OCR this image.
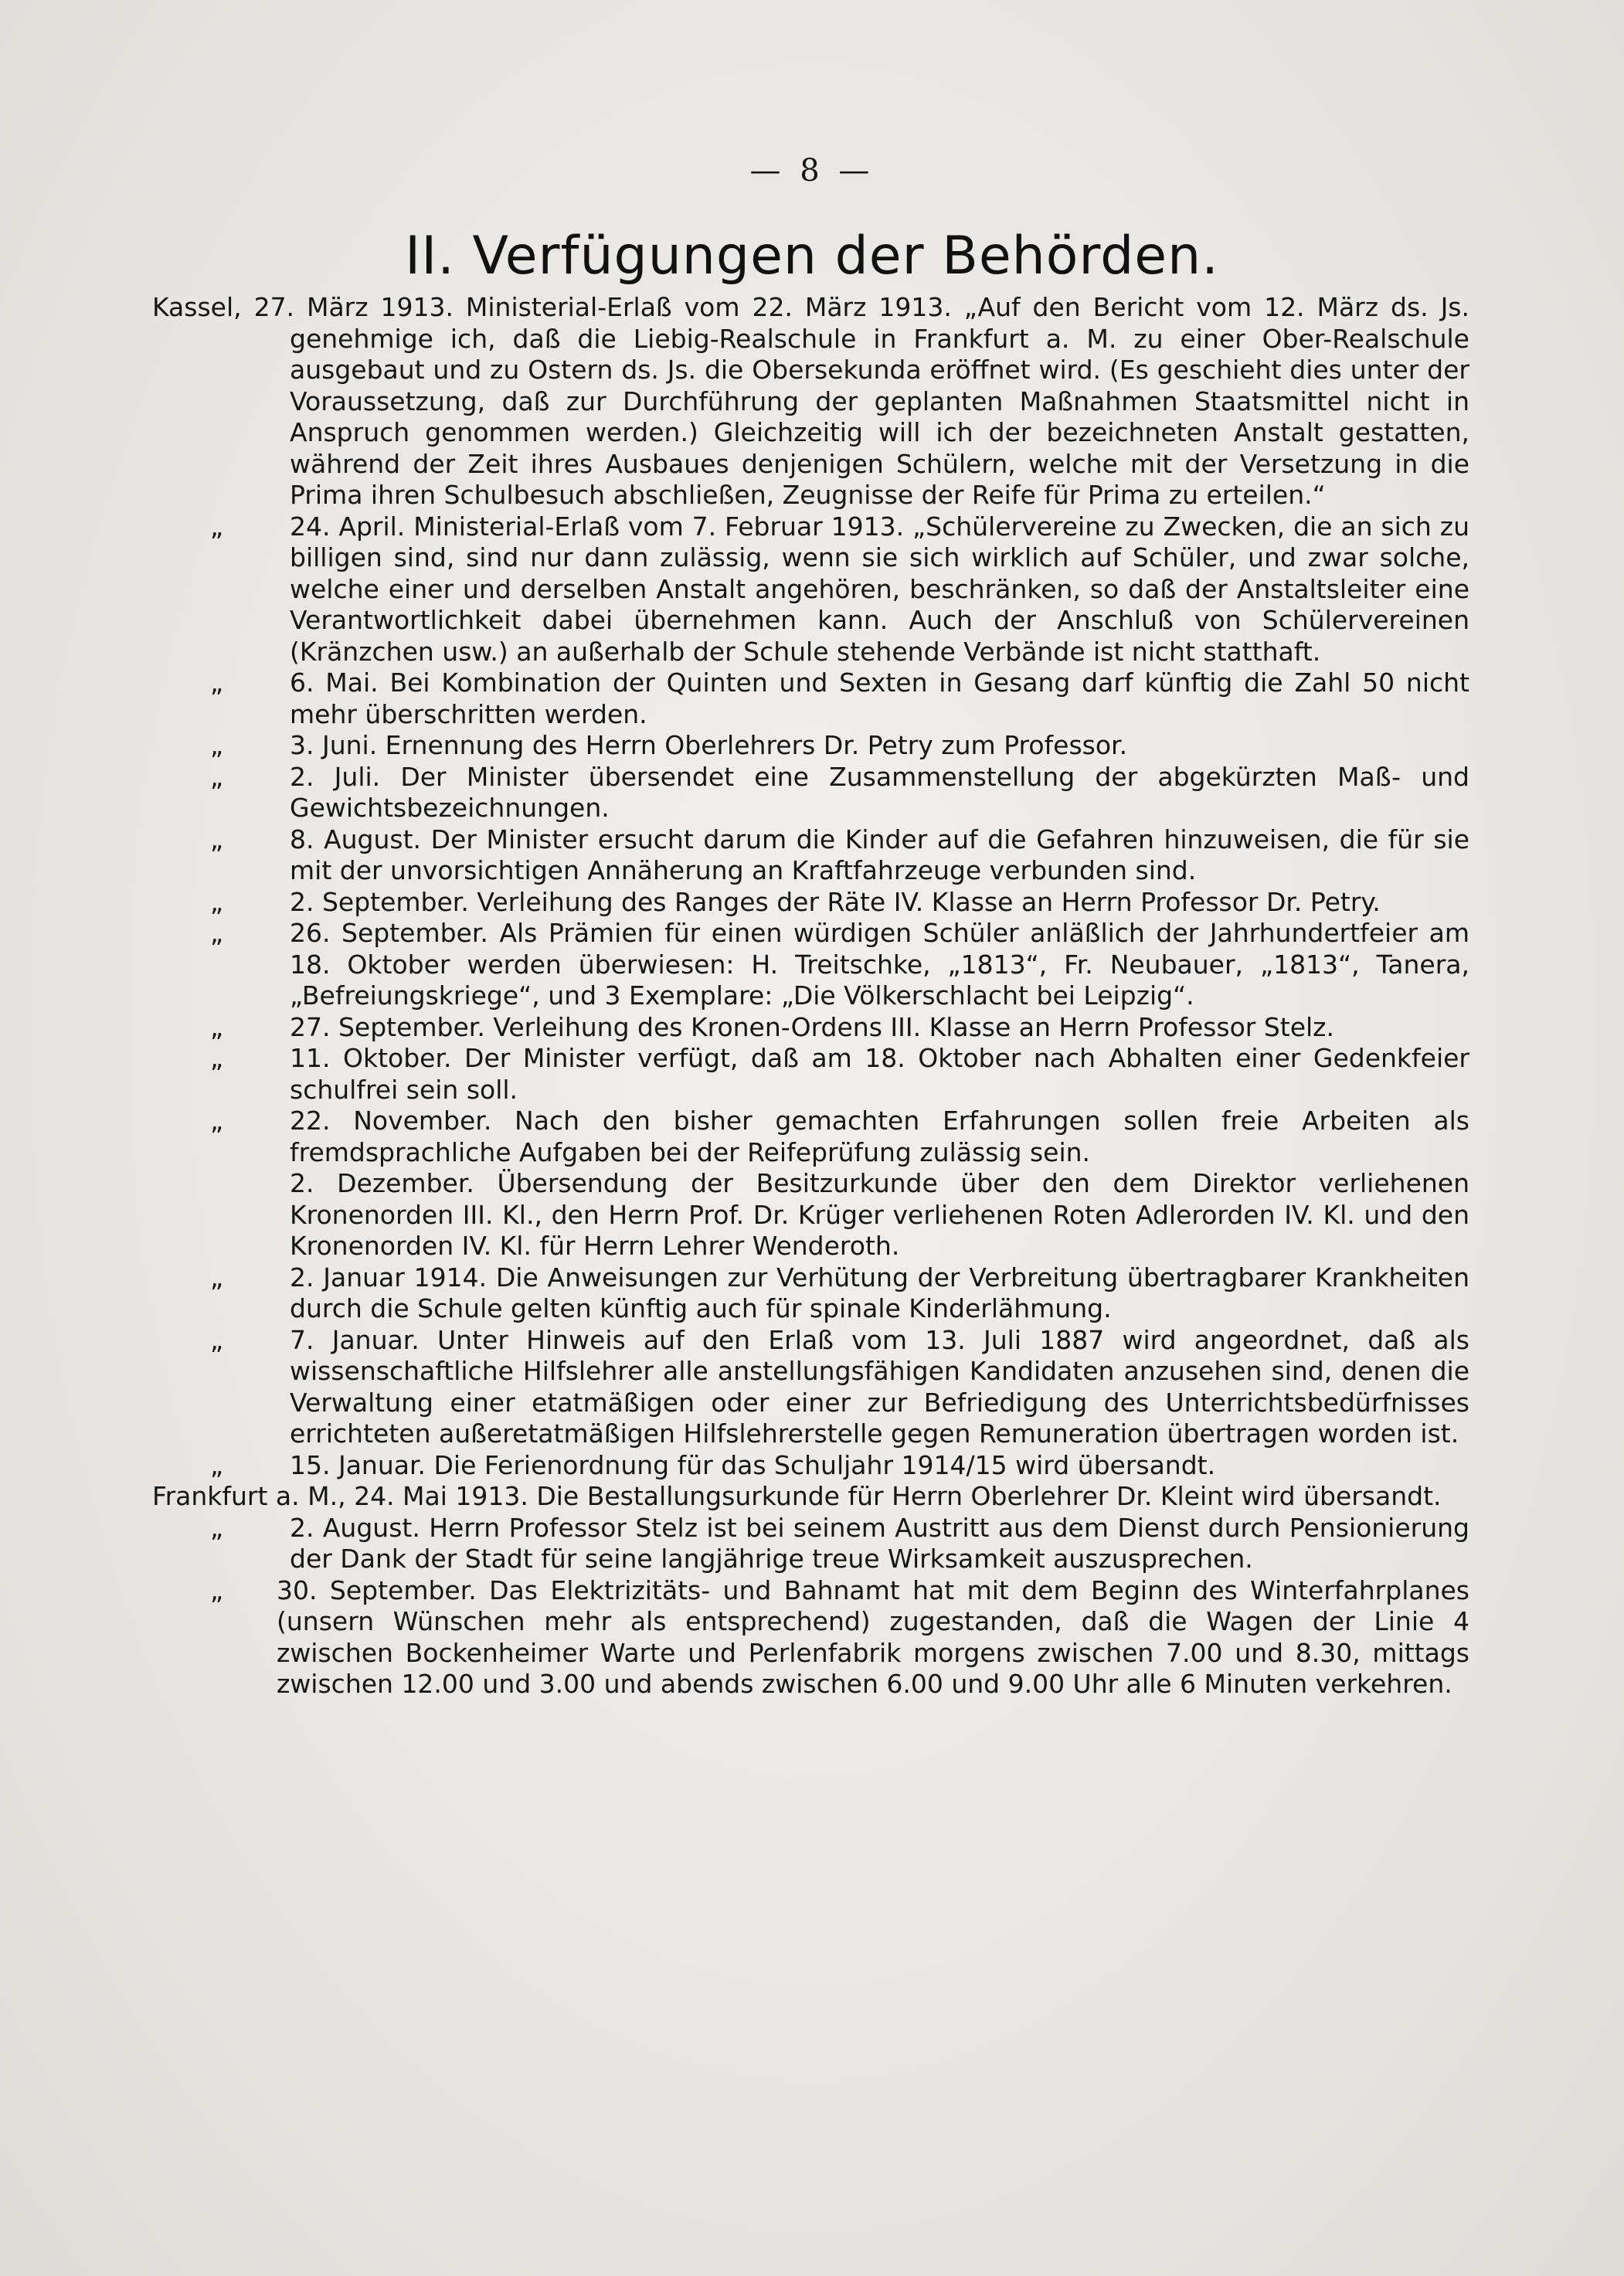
— 8 —
II. Verfügungen der Behörden.
Kassel, 27. März 1913. Ministerial-Erlaß vom 22. März 1913. „Auf den Bericht vom 12. März ds. Js. genehmige ich, daß die Liebig-Realschule in Frankfurt a. M. zu einer Ober-Realschule ausgebaut und zu Ostern ds. Js. die Obersekunda eröffnet wird. (Es geschieht dies unter der Voraussetzung, daß zur Durchführung der geplanten Maßnahmen Staatsmittel nicht in Anspruch genommen werden.) Gleichzeitig will ich der bezeichneten Anstalt gestatten, während der Zeit ihres Ausbaues denjenigen Schülern, welche mit der Versetzung in die Prima ihren Schulbesuch abschließen, Zeugnisse der Reife für Prima zu erteilen.“
„	24. April. Ministerial-Erlaß vom 7. Februar 1913. „Schülervereine zu Zwecken, die an sich zu billigen sind, sind nur dann zulässig, wenn sie sich wirklich auf Schüler, und zwar solche, welche einer und derselben Anstalt angehören, beschränken, so daß der Anstaltsleiter eine Verantwortlichkeit dabei übernehmen kann. Auch der Anschluß von Schülervereinen (Kränzchen usw.) an außerhalb der Schule stehende Verbände ist nicht statthaft.
„	6. Mai. Bei Kombination der Quinten und Sexten in Gesang darf künftig die Zahl 50 nicht mehr überschritten werden.
„	3. Juni. Ernennung des Herrn Oberlehrers Dr. Petry zum Professor.
„	2. Juli. Der Minister übersendet eine Zusammenstellung der abgekürzten Maß- und Gewichtsbezeichnungen.
„	8. August. Der Minister ersucht darum die Kinder auf die Gefahren hinzuweisen, die für sie mit der unvorsichtigen Annäherung an Kraftfahrzeuge verbunden sind.
„	2. September. Verleihung des Ranges der Räte IV. Klasse an Herrn Professor Dr. Petry.
„	26. September. Als Prämien für einen würdigen Schüler anläßlich der Jahrhundertfeier am 18. Oktober werden überwiesen: H. Treitschke, „1813“, Fr. Neubauer, „1813“, Tanera, „Befreiungskriege“, und 3 Exemplare: „Die Völkerschlacht bei Leipzig“.
„	27. September. Verleihung des Kronen-Ordens III. Klasse an Herrn Professor Stelz.
„	11. Oktober. Der Minister verfügt, daß am 18. Oktober nach Abhalten einer Gedenkfeier schulfrei sein soll.
„	22. November. Nach den bisher gemachten Erfahrungen sollen freie Arbeiten als fremdsprachliche Aufgaben bei der Reifeprüfung zulässig sein.
2. Dezember. Übersendung der Besitzurkunde über den dem Direktor verliehenen Kronenorden III. Kl., den Herrn Prof. Dr. Krüger verliehenen Roten Adlerorden IV. Kl. und den Kronenorden IV. Kl. für Herrn Lehrer Wenderoth.
„	2. Januar 1914. Die Anweisungen zur Verhütung der Verbreitung übertragbarer Krankheiten durch die Schule gelten künftig auch für spinale Kinderlähmung.
„	7. Januar. Unter Hinweis auf den Erlaß vom 13. Juli 1887 wird angeordnet, daß als wissenschaftliche Hilfslehrer alle anstellungsfähigen Kandidaten anzusehen sind, denen die Verwaltung einer etatmäßigen oder einer zur Befriedigung des Unterrichtsbedürfnisses errichteten außeretatmäßigen Hilfslehrerstelle gegen Remuneration übertragen worden ist.
„	15. Januar. Die Ferienordnung für das Schuljahr 1914/15 wird übersandt.
Frankfurt a. M., 24. Mai 1913. Die Bestallungsurkunde für Herrn Oberlehrer Dr. Kleint wird übersandt.
„	2. August. Herrn Professor Stelz ist bei seinem Austritt aus dem Dienst durch Pensionierung der Dank der Stadt für seine langjährige treue Wirksamkeit auszusprechen.
„ 30. September. Das Elektrizitäts- und Bahnamt hat mit dem Beginn des Winterfahrplanes (unsern Wünschen mehr als entsprechend) zugestanden, daß die Wagen der Linie 4 zwischen Bockenheimer Warte und Perlenfabrik morgens zwischen 7.00 und 8.30, mittags zwischen 12.00 und 3.00 und abends zwischen 6.00 und 9.00 Uhr alle 6 Minuten verkehren.
